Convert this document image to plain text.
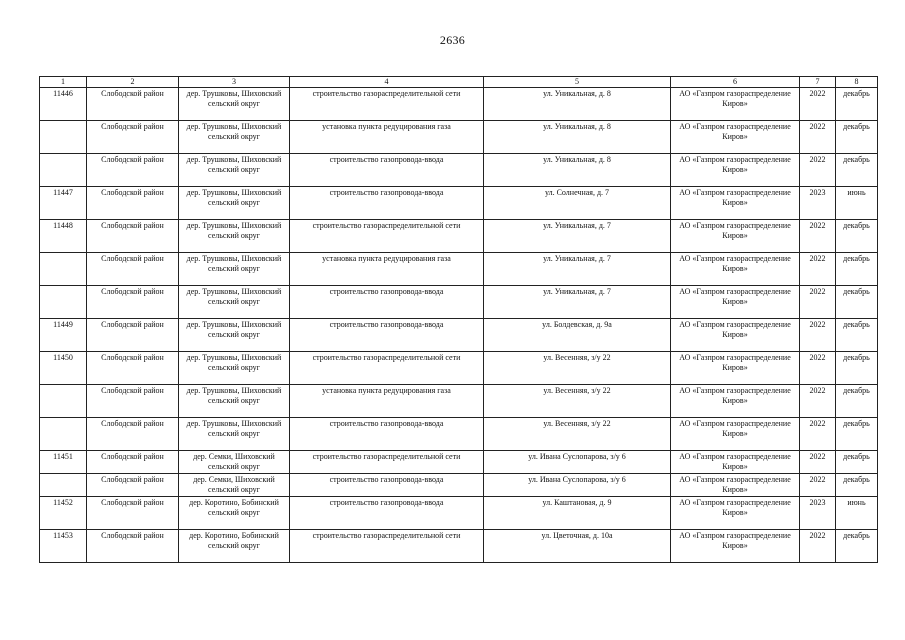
2636
1	2	3	4	5	6	7	8
11446	Слободской район	дер. Трушковы, Шиховский сельский округ	строительство газораспределительной сети	ул. Уникальная, д. 8	АО «Газпром газораспределение Киров»	2022	декабрь
	Слободской район	дер. Трушковы, Шиховский сельский округ	установка пункта редуцирования газа	ул. Уникальная, д. 8	АО «Газпром газораспределение Киров»	2022	декабрь
	Слободской район	дер. Трушковы, Шиховский сельский округ	строительство газопровода-ввода	ул. Уникальная, д. 8	АО «Газпром газораспределение Киров»	2022	декабрь
11447	Слободской район	дер. Трушковы, Шиховский сельский округ	строительство газопровода-ввода	ул. Солнечная, д. 7	АО «Газпром газораспределение Киров»	2023	июнь
11448	Слободской район	дер. Трушковы, Шиховский сельский округ	строительство газораспределительной сети	ул. Уникальная, д. 7	АО «Газпром газораспределение Киров»	2022	декабрь
	Слободской район	дер. Трушковы, Шиховский сельский округ	установка пункта редуцирования газа	ул. Уникальная, д. 7	АО «Газпром газораспределение Киров»	2022	декабрь
	Слободской район	дер. Трушковы, Шиховский сельский округ	строительство газопровода-ввода	ул. Уникальная, д. 7	АО «Газпром газораспределение Киров»	2022	декабрь
11449	Слободской район	дер. Трушковы, Шиховский сельский округ	строительство газопровода-ввода	ул. Болдевская, д. 9а	АО «Газпром газораспределение Киров»	2022	декабрь
11450	Слободской район	дер. Трушковы, Шиховский сельский округ	строительство газораспределительной сети	ул. Весенняя, з/у 22	АО «Газпром газораспределение Киров»	2022	декабрь
	Слободской район	дер. Трушковы, Шиховский сельский округ	установка пункта редуцирования газа	ул. Весенняя, з/у 22	АО «Газпром газораспределение Киров»	2022	декабрь
	Слободской район	дер. Трушковы, Шиховский сельский округ	строительство газопровода-ввода	ул. Весенняя, з/у 22	АО «Газпром газораспределение Киров»	2022	декабрь
11451	Слободской район	дер. Семки, Шиховский сельский округ	строительство газораспределительной сети	ул. Ивана Суслопарова, з/у 6	АО «Газпром газораспределение Киров»	2022	декабрь
	Слободской район	дер. Семки, Шиховский сельский округ	строительство газопровода-ввода	ул. Ивана Суслопарова, з/у 6	АО «Газпром газораспределение Киров»	2022	декабрь
11452	Слободской район	дер. Коротино, Бобинский сельский округ	строительство газопровода-ввода	ул. Каштановая, д. 9	АО «Газпром газораспределение Киров»	2023	июнь
11453	Слободской район	дер. Коротино, Бобинский сельский округ	строительство газораспределительной сети	ул. Цветочная, д. 10а	АО «Газпром газораспределение Киров»	2022	декабрь
